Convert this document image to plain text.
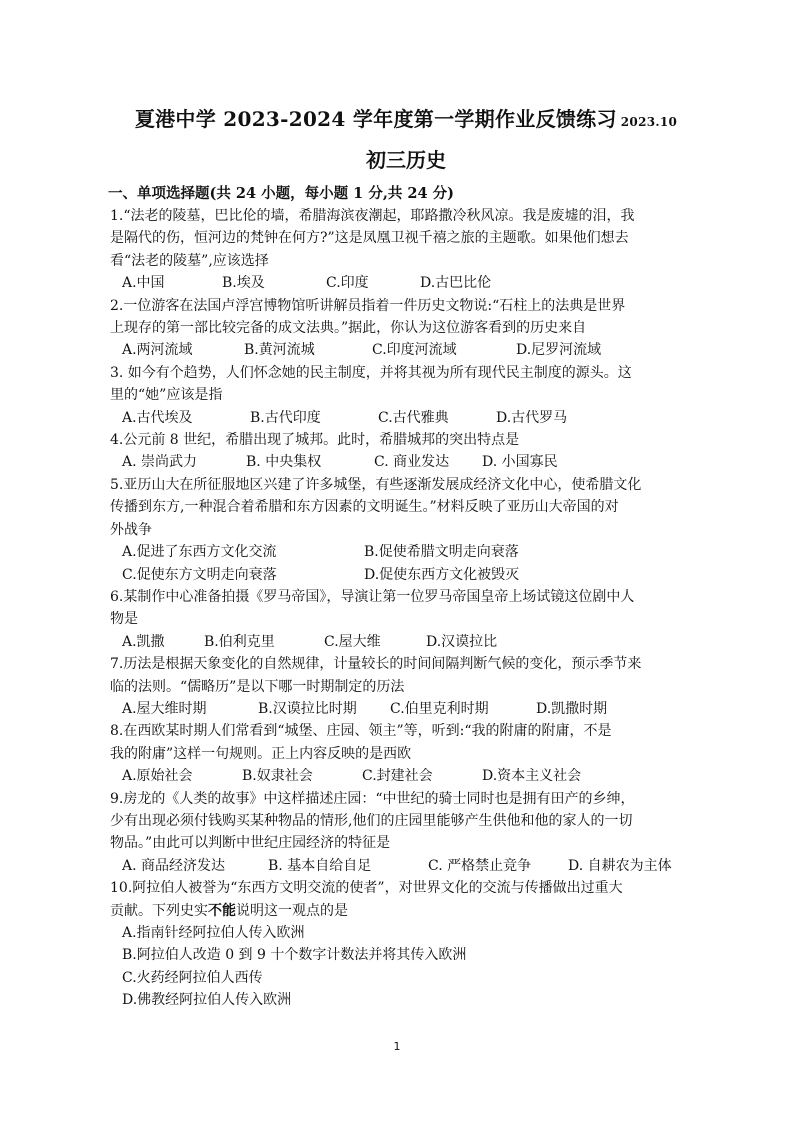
夏港中学 2023-2024 学年度第一学期作业反馈练习 2023.10
初三历史
一、单项选择题(共 24 小题，每小题 1 分,共 24 分)
1.“法老的陵墓，巴比伦的墙，希腊海滨夜潮起，耶路撒冷秋风凉。我是废墟的泪，我
是隔代的伤，恒河边的梵钟在何方?”这是凤凰卫视千禧之旅的主题歌。如果他们想去
看“法老的陵墓”,应该选择
A.中国	B.埃及	C.印度	D.古巴比伦
2.一位游客在法国卢浮宫博物馆听讲解员指着一件历史文物说:“石柱上的法典是世界
上现存的第一部比较完备的成文法典。”据此，你认为这位游客看到的历史来自
A.两河流域	B.黄河流城	C.印度河流域	D.尼罗河流域
3. 如今有个趋势，人们怀念她的民主制度，并将其视为所有现代民主制度的源头。这
里的“她”应该是指
A.古代埃及	B.古代印度	C.古代雅典	D.古代罗马
4.公元前 8 世纪，希腊出现了城邦。此时，希腊城邦的突出特点是
A. 崇尚武力	B. 中央集权	C. 商业发达	D. 小国寡民
5.亚历山大在所征服地区兴建了许多城堡，有些逐渐发展成经济文化中心，使希腊文化
传播到东方,一种混合着希腊和东方因素的文明诞生。”材料反映了亚历山大帝国的对
外战争
A.促进了东西方文化交流	B.促使希腊文明走向衰落
C.促使东方文明走向衰落	D.促使东西方文化被毁灭
6.某制作中心准备拍摄《罗马帝国》，导演让第一位罗马帝国皇帝上场试镜这位剧中人
物是
A.凯撒	B.伯利克里	C.屋大维	D.汉谟拉比
7.历法是根据天象变化的自然规律，计量较长的时间间隔判断气候的变化，预示季节来
临的法则。“儒略历”是以下哪一时期制定的历法
A.屋大维时期	B.汉谟拉比时期	C.伯里克利时期	D.凯撒时期
8.在西欧某时期人们常看到“城堡、庄园、领主”等，听到:“我的附庸的附庸，不是
我的附庸”这样一句规则。正上内容反映的是西欧
A.原始社会	B.奴隶社会	C.封建社会	D.资本主义社会
9.房龙的《人类的故事》中这样描述庄园：“中世纪的骑士同时也是拥有田产的乡绅，
少有出现必须付钱购买某种物品的情形,他们的庄园里能够产生供他和他的家人的一切
物品。”由此可以判断中世纪庄园经济的特征是
A. 商品经济发达	B. 基本自给自足	C. 严格禁止竞争	D. 自耕农为主体
10.阿拉伯人被誉为“东西方文明交流的使者”，对世界文化的交流与传播做出过重大
贡献。下列史实不能说明这一观点的是
A.指南针经阿拉伯人传入欧洲
B.阿拉伯人改造 0 到 9 十个数字计数法并将其传入欧洲
C.火药经阿拉伯人西传
D.佛教经阿拉伯人传入欧洲
1
